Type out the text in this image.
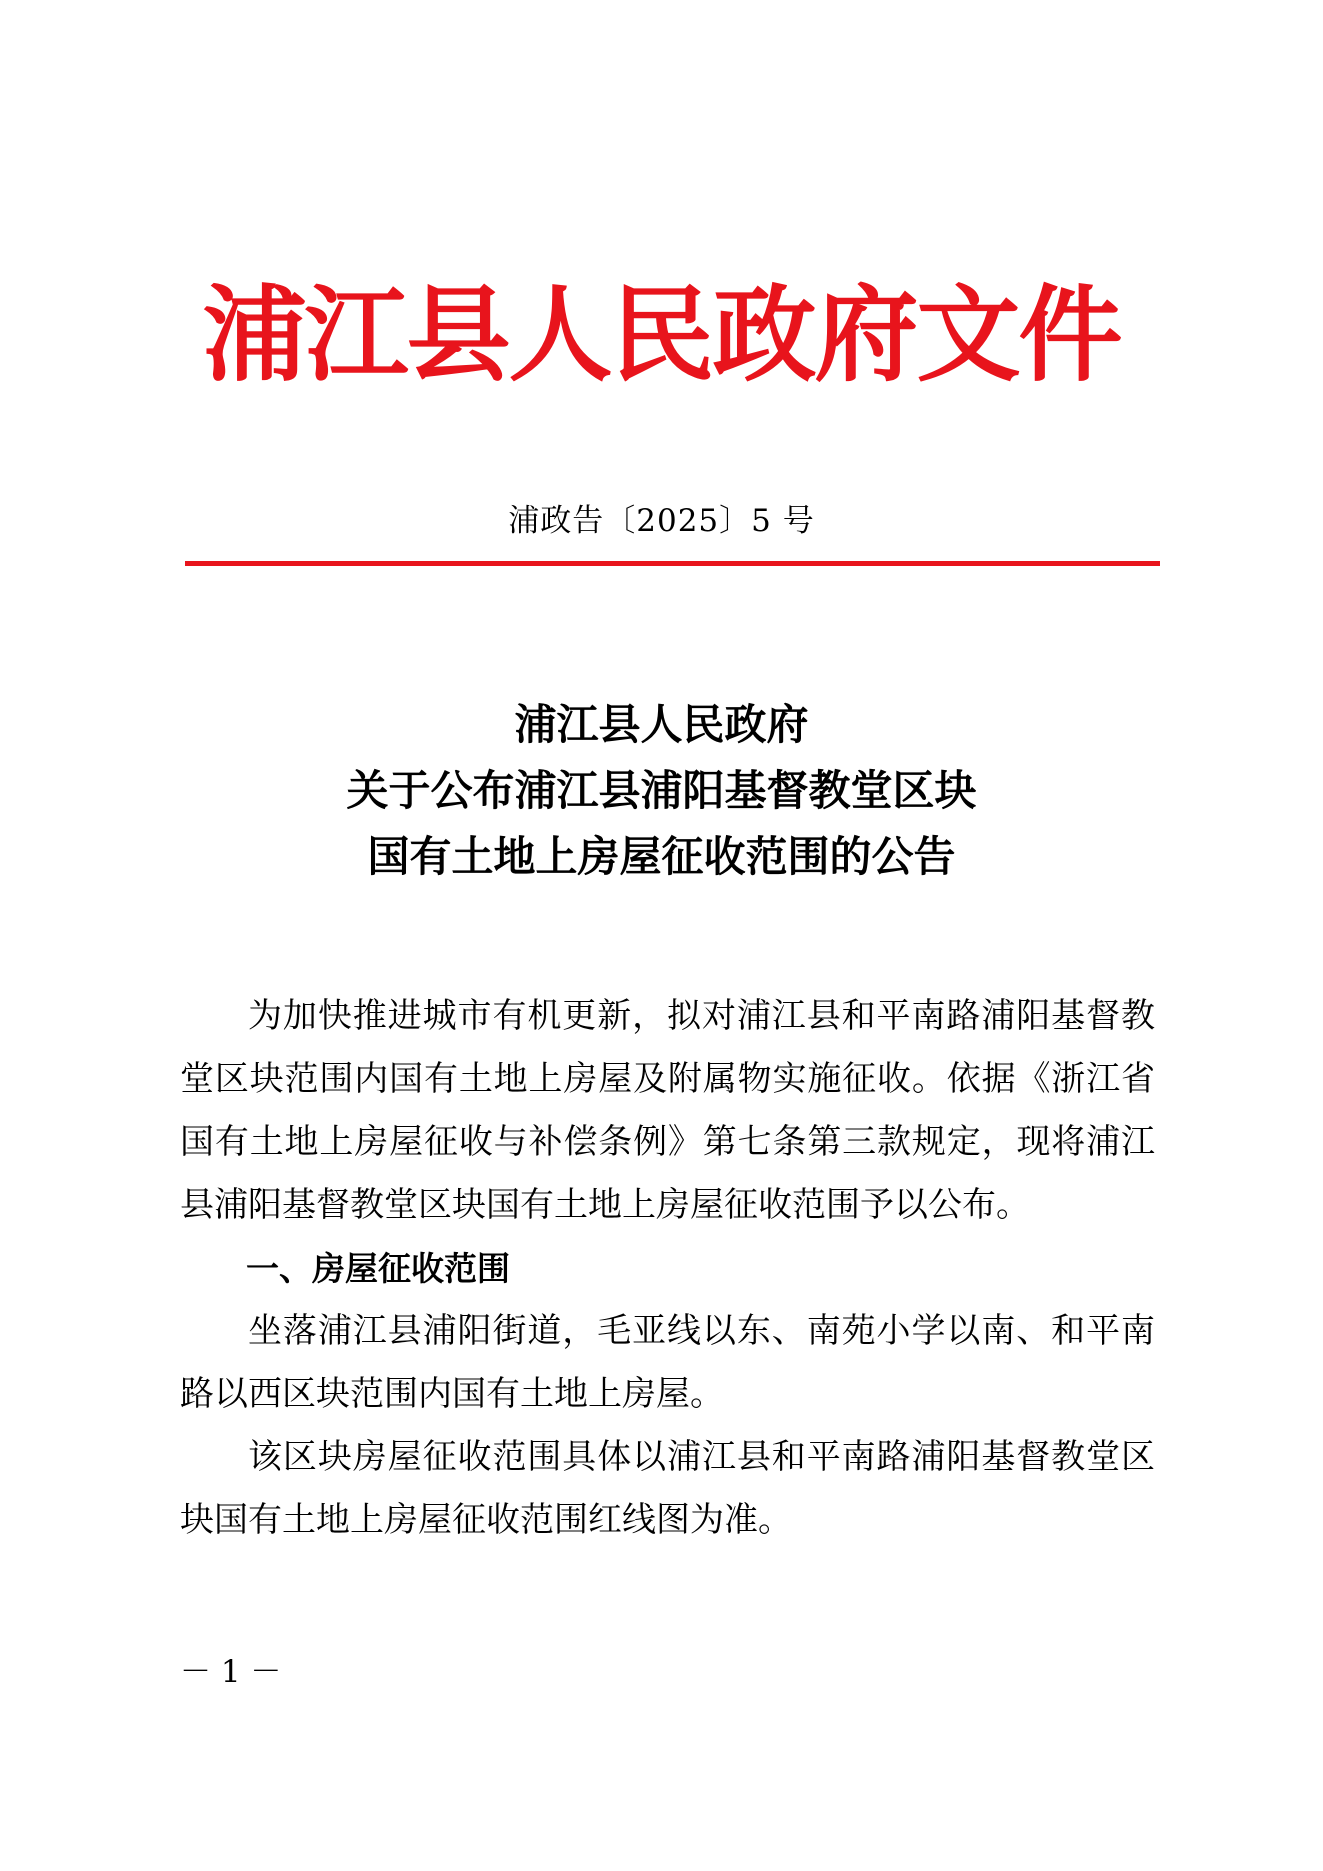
浦江县人民政府文件
浦政告〔2025〕5 号
浦江县人民政府
关于公布浦江县浦阳基督教堂区块
国有土地上房屋征收范围的公告

为加快推进城市有机更新，拟对浦江县和平南路浦阳基督教堂区块范围内国有土地上房屋及附属物实施征收。依据《浙江省国有土地上房屋征收与补偿条例》第七条第三款规定，现将浦江县浦阳基督教堂区块国有土地上房屋征收范围予以公布。

一、房屋征收范围

坐落浦江县浦阳街道，毛亚线以东、南苑小学以南、和平南路以西区块范围内国有土地上房屋。

该区块房屋征收范围具体以浦江县和平南路浦阳基督教堂区块国有土地上房屋征收范围红线图为准。

－ 1 －
